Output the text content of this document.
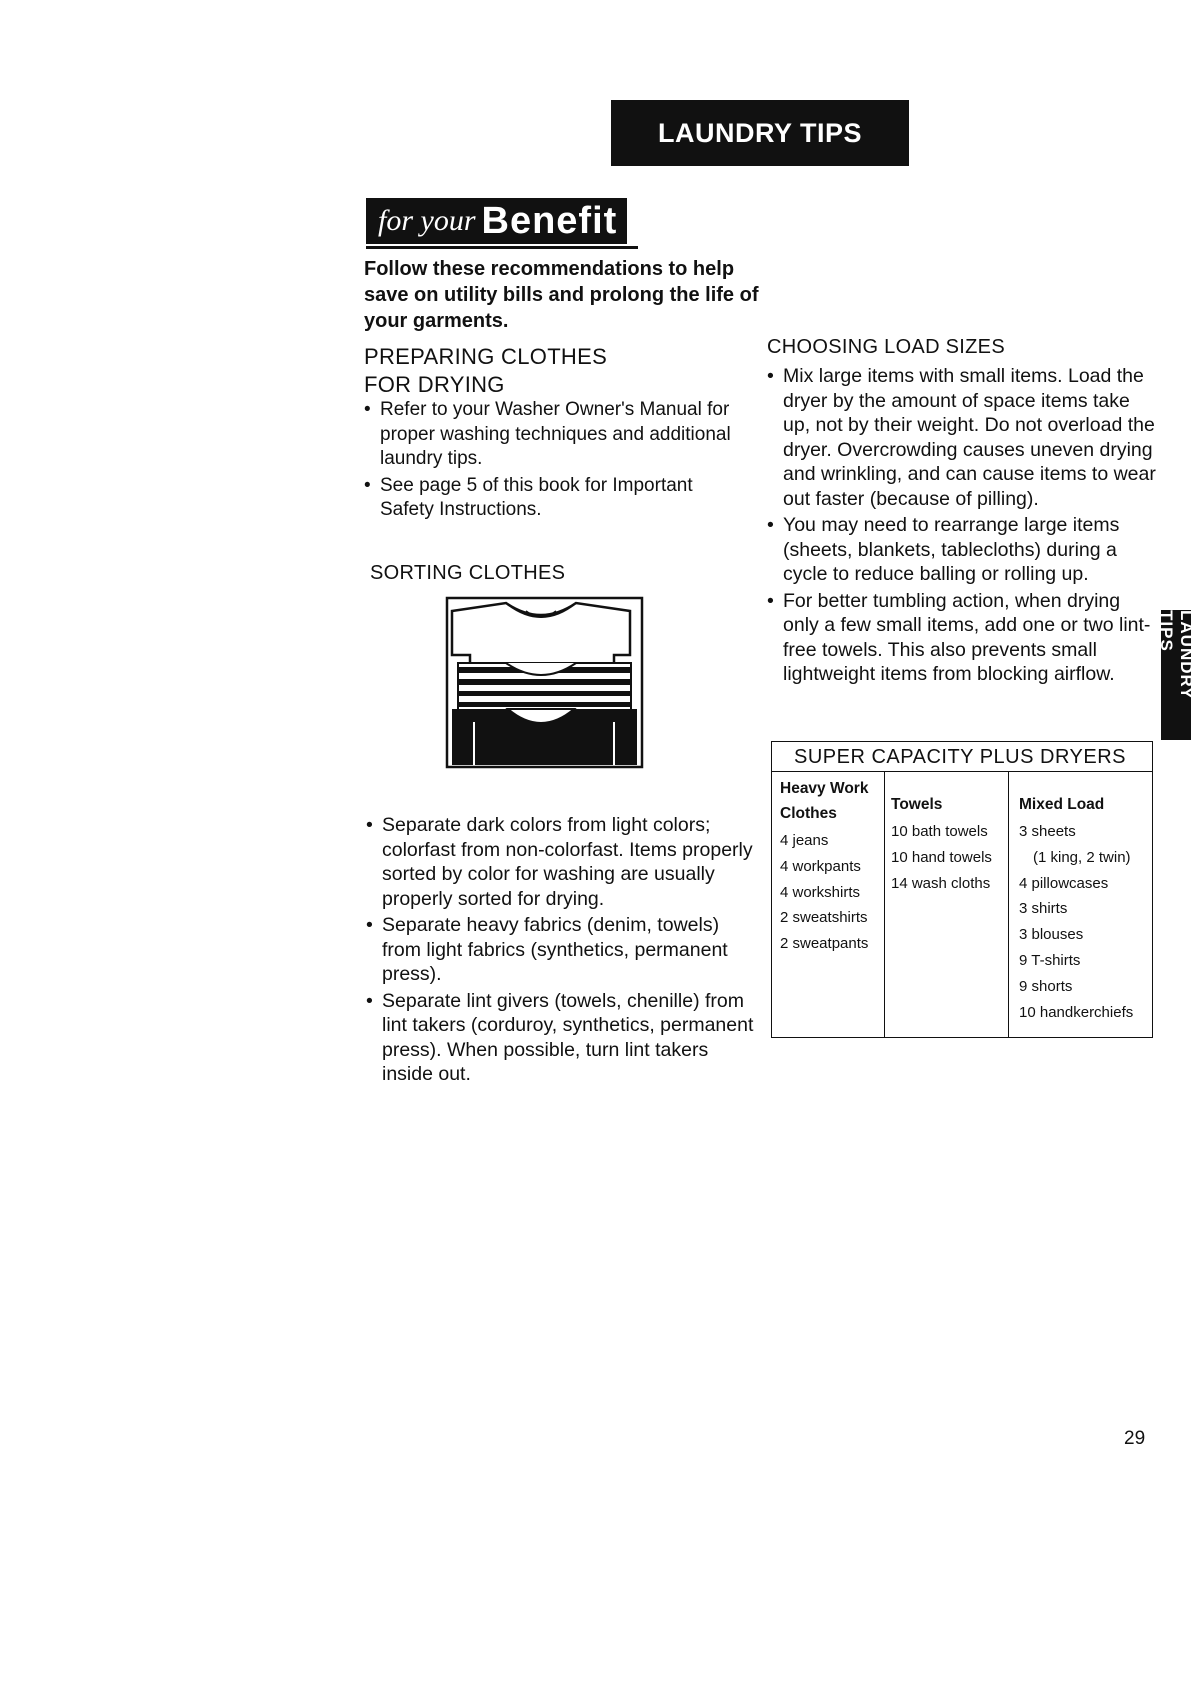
LAUNDRY TIPS
for your Benefit
Follow these recommendations to help save on utility bills and prolong the life of your garments.
PREPARING CLOTHES
FOR DRYING
• Refer to your Washer Owner's Manual for proper washing techniques and additional laundry tips.
• See page 5 of this book for Important Safety Instructions.
SORTING CLOTHES
• Separate dark colors from light colors; colorfast from non-colorfast. Items properly sorted by color for washing are usually properly sorted for drying.
• Separate heavy fabrics (denim, towels) from light fabrics (synthetics, permanent press).
• Separate lint givers (towels, chenille) from lint takers (corduroy, synthetics, permanent press). When possible, turn lint takers inside out.
CHOOSING LOAD SIZES
• Mix large items with small items. Load the dryer by the amount of space items take up, not by their weight. Do not overload the dryer. Overcrowding causes uneven drying and wrinkling, and can cause items to wear out faster (because of pilling).
• You may need to rearrange large items (sheets, blankets, tablecloths) during a cycle to reduce balling or rolling up.
• For better tumbling action, when drying only a few small items, add one or two lint-free towels. This also prevents small lightweight items from blocking airflow.
SUPER CAPACITY PLUS DRYERS
Heavy Work
Clothes
4 jeans
4 workpants
4 workshirts
2 sweatshirts
2 sweatpants
Towels
10 bath towels
10 hand towels
14 wash cloths
Mixed Load
3 sheets
(1 king, 2 twin)
4 pillowcases
3 shirts
3 blouses
9 T-shirts
9 shorts
10 handkerchiefs
LAUNDRY TIPS
29
